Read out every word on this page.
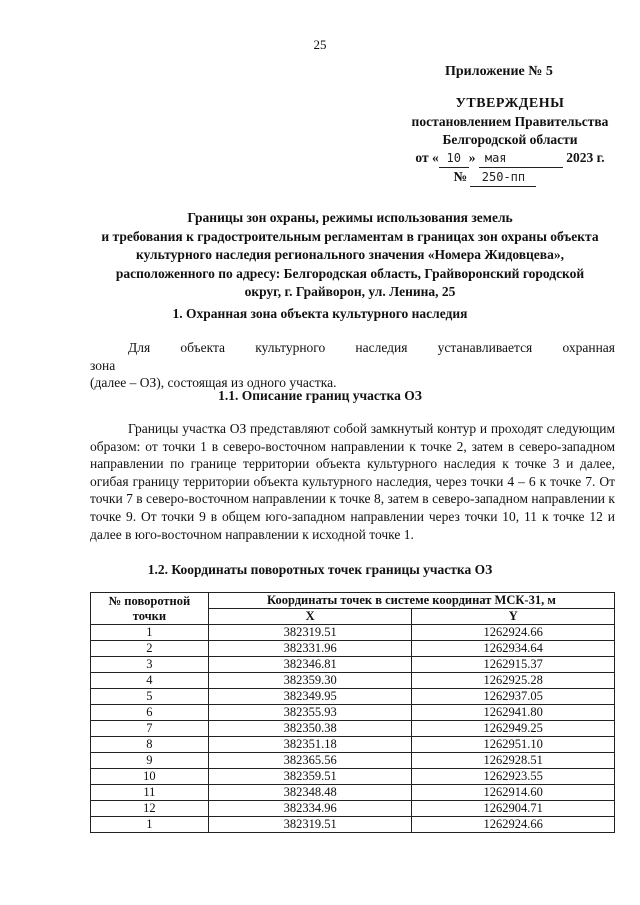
25
Приложение № 5
УТВЕРЖДЕНЫ
постановлением Правительства
Белгородской области
от « 10 » мая	2023 г.
№ 250-пп
Границы зон охраны, режимы использования земель
и требования к градостроительным регламентам в границах зон охраны объекта
культурного наследия регионального значения «Номера Жидовцева»,
расположенного по адресу: Белгородская область, Грайворонский городской
округ, г. Грайворон, ул. Ленина, 25
1. Охранная зона объекта культурного наследия
Для объекта культурного наследия устанавливается охранная зона
(далее – ОЗ), состоящая из одного участка.
1.1. Описание границ участка ОЗ
Границы участка ОЗ представляют собой замкнутый контур и проходят следующим образом: от точки 1 в северо-восточном направлении к точке 2, затем в северо-западном направлении по границе территории объекта культурного наследия к точке 3 и далее, огибая границу территории объекта культурного наследия, через точки 4 – 6 к точке 7. От точки 7 в северо-восточном направлении к точке 8, затем в северо-западном направлении к точке 9. От точки 9 в общем юго-западном направлении через точки 10, 11 к точке 12 и далее в юго-восточном направлении к исходной точке 1.
1.2. Координаты поворотных точек границы участка ОЗ
№ поворотной точки	Координаты точек в системе координат МСК-31, м	
	X	Y
1	382319.51	1262924.66
2	382331.96	1262934.64
3	382346.81	1262915.37
4	382359.30	1262925.28
5	382349.95	1262937.05
6	382355.93	1262941.80
7	382350.38	1262949.25
8	382351.18	1262951.10
9	382365.56	1262928.51
10	382359.51	1262923.55
11	382348.48	1262914.60
12	382334.96	1262904.71
1	382319.51	1262924.66
